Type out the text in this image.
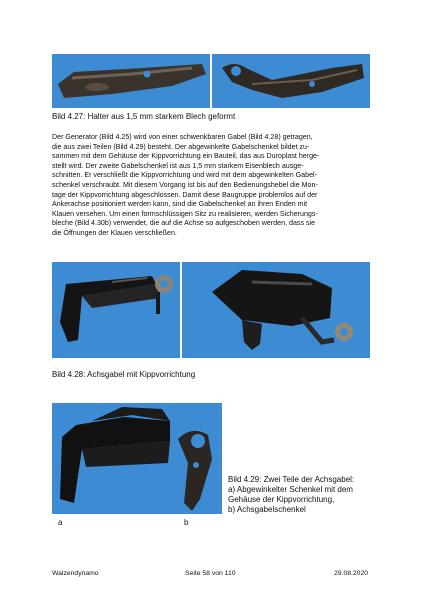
Bild 4.27: Halter aus 1,5 mm starkem Blech geformt
Der Generator (Bild 4.25) wird von einer schwenkbaren Gabel (Bild 4.28) getragen,
die aus zwei Teilen (Bild 4.29) besteht. Der abgewinkelte Gabelschenkel bildet zu-
sammen mit dem Gehäuse der Kippvorrichtung ein Bauteil, das aus Duroplast herge-
stellt wird. Der zweite Gabelschenkel ist aus 1,5 mm starkem Eisenblech ausge-
schnitten. Er verschließt die Kippvorrichtung und wird mit dem abgewinkelten Gabel-
schenkel verschraubt. Mit diesem Vorgang ist bis auf den Bedienungshebel die Mon-
tage der Kippvorrichtung abgeschlossen. Damit diese Baugruppe problemlos auf der
Ankerachse positioniert werden kann, sind die Gabelschenkel an ihren Enden mit
Klauen versehen. Um einen formschlüssigen Sitz zu realisieren, werden Sicherungs-
bleche (Bild 4.30b) verwendet, die auf die Achse so aufgeschoben werden, dass sie
die Öffnungen der Klauen verschließen.
Bild 4.28: Achsgabel mit Kippvorrichtung
a	b
Bild 4.29: Zwei Teile der Achsgabel:
a) Abgewinkelter Schenkel mit dem
Gehäuse der Kippvorrichtung,
b) Achsgabelschenkel
Walzendynamo	Seite 58 von 110	29.08.2020
